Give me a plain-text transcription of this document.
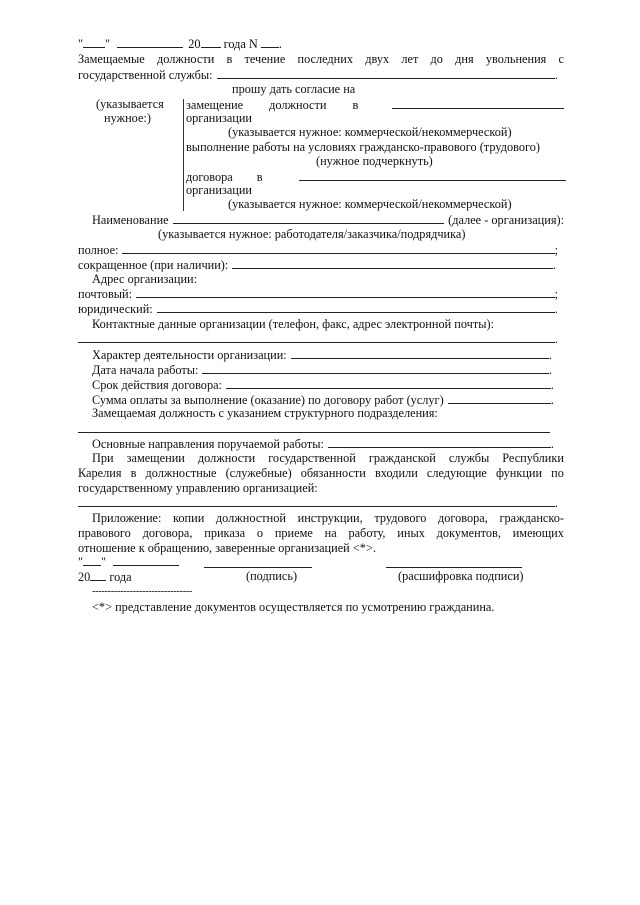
" "	20 года N .
Замещаемые должности в течение последних двух лет до дня увольнения с
государственной службы:	.
прошу дать согласие на
(указывается
нужное:)
замещение должности в
организации
(указывается нужное: коммерческой/некоммерческой)
выполнение работы на условиях гражданско-правового (трудового)
(нужное подчеркнуть)
договора в
организации
(указывается нужное: коммерческой/некоммерческой)
Наименование	(далее - организация):
(указывается нужное: работодателя/заказчика/подрядчика)
полное:	;
сокращенное (при наличии):	.
Адрес организации:
почтовый:	;
юридический:	.
Контактные данные организации (телефон, факс, адрес электронной почты):
.
Характер деятельности организации:	.
Дата начала работы:	.
Срок действия договора:	.
Сумма оплаты за выполнение (оказание) по договору работ (услуг)	.
Замещаемая должность с указанием структурного подразделения:
Основные направления поручаемой работы:	.
При замещении должности государственной гражданской службы Республики
Карелия в должностные (служебные) обязанности входили следующие функции по
государственному управлению организацией:
.
Приложение: копии должностной инструкции, трудового договора, гражданско-
правового договора, приказа о приеме на работу, иных документов, имеющих
отношение к обращению, заверенные организацией <*>.
" "
20 года	(подпись)	(расшифровка подписи)
--------------------------------
<*> представление документов осуществляется по усмотрению гражданина.
